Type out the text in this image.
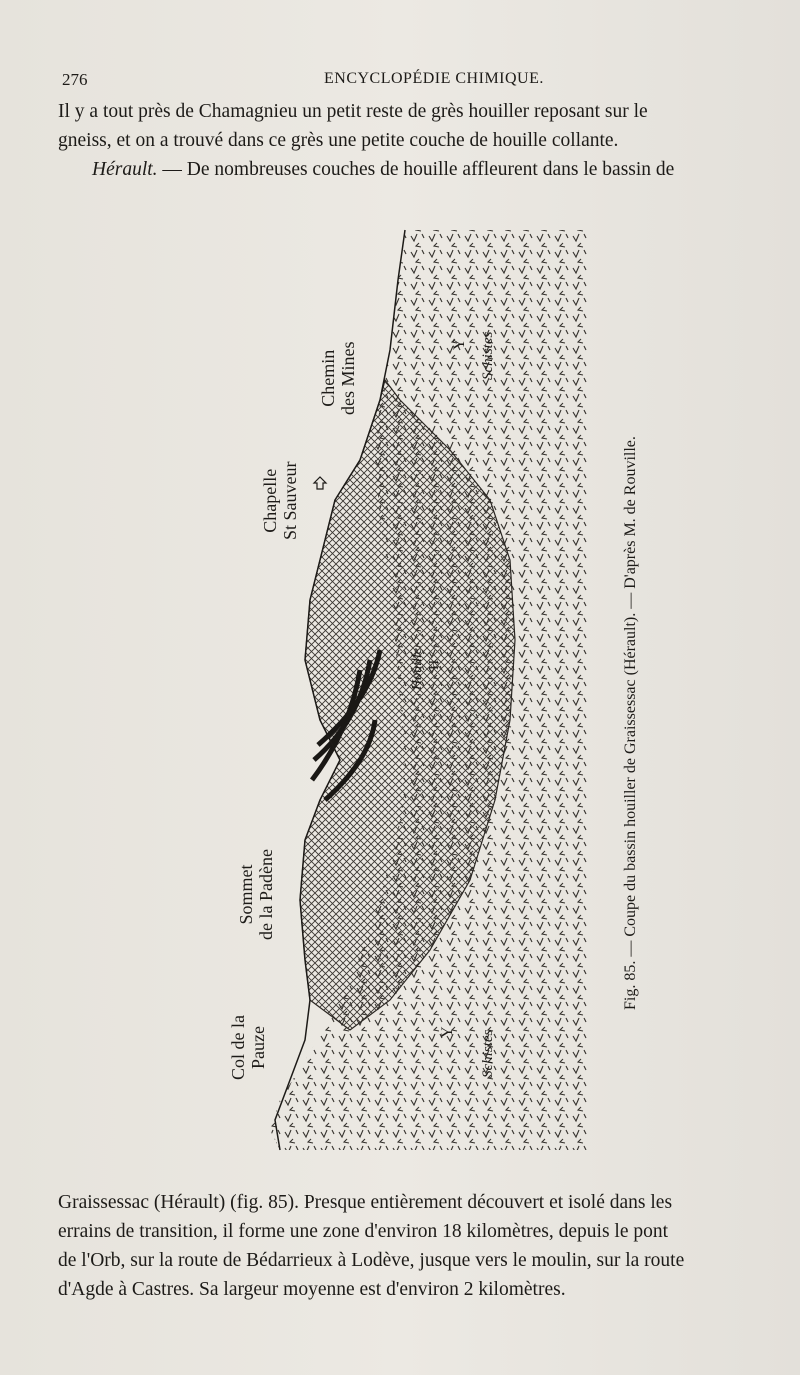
276	ENCYCLOPÉDIE CHIMIQUE.

Il y a tout près de Chamagnieu un petit reste de grès houiller reposant sur le
gneiss, et on a trouvé dans ce grès une petite couche de houille collante.
Hérault. — De nombreuses couches de houille affleurent dans le bassin de

Col de la Pauze
Sommet de la Padène
Chapelle St Sauveur
Chemin des Mines	Schistes
Y
Houille H
Y Schistes
Fig. 85. — Coupe du bassin houiller de Graissessac (Hérault). — D'après M. de Rouville.

Graissessac (Hérault) (fig. 85). Presque entièrement découvert et isolé dans les
errains de transition, il forme une zone d'environ 18 kilomètres, depuis le pont
de l'Orb, sur la route de Bédarrieux à Lodève, jusque vers le moulin, sur la route
d'Agde à Castres. Sa largeur moyenne est d'environ 2 kilomètres.
